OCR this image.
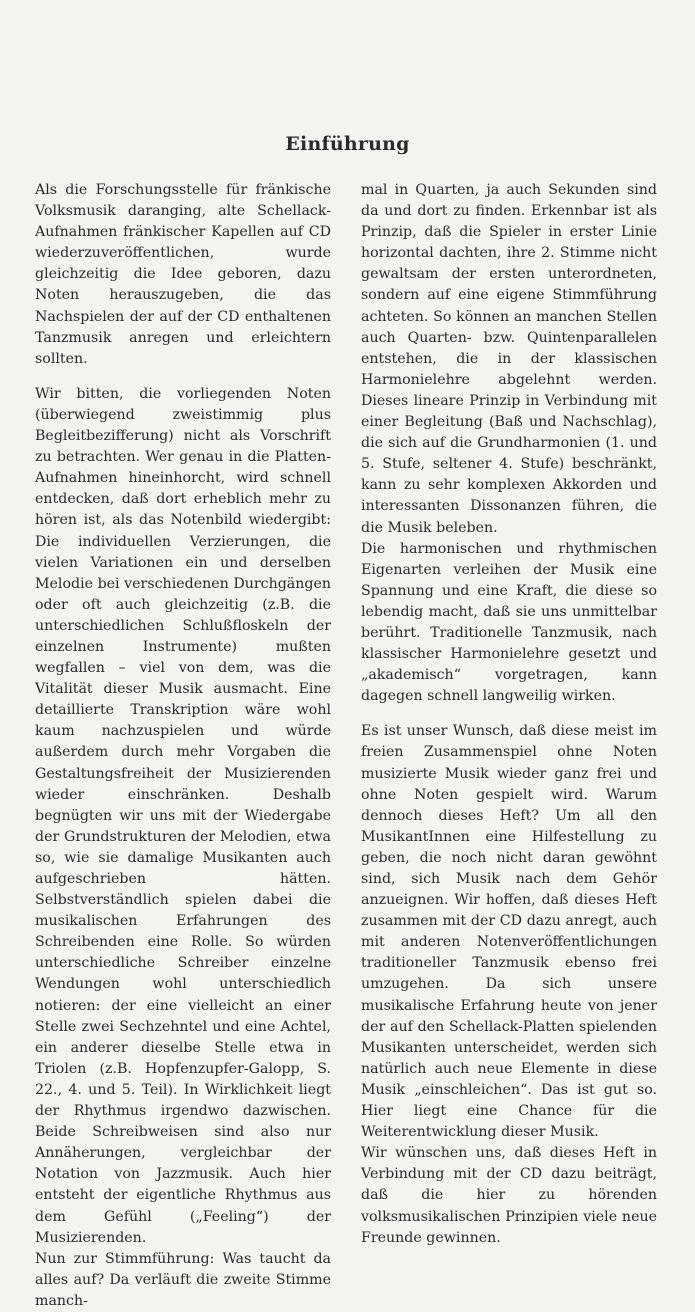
Einführung

Als die Forschungsstelle für fränkische Volksmusik daranging, alte Schellack-Aufnahmen fränkischer Kapellen auf CD wiederzuveröffentlichen, wurde gleichzeitig die Idee geboren, dazu Noten herauszugeben, die das Nachspielen der auf der CD enthaltenen Tanzmusik anregen und erleichtern sollten.

Wir bitten, die vorliegenden Noten (überwiegend zweistimmig plus Begleitbezifferung) nicht als Vorschrift zu betrachten. Wer genau in die Platten-Aufnahmen hineinhorcht, wird schnell entdecken, daß dort erheblich mehr zu hören ist, als das Notenbild wiedergibt: Die individuellen Verzierungen, die vielen Variationen ein und derselben Melodie bei verschiedenen Durchgängen oder oft auch gleichzeitig (z.B. die unterschiedlichen Schlußfloskeln der einzelnen Instrumente) mußten wegfallen – viel von dem, was die Vitalität dieser Musik ausmacht. Eine detaillierte Transkription wäre wohl kaum nachzuspielen und würde außerdem durch mehr Vorgaben die Gestaltungsfreiheit der Musizierenden wieder einschränken. Deshalb begnügten wir uns mit der Wiedergabe der Grundstrukturen der Melodien, etwa so, wie sie damalige Musikanten auch aufgeschrieben hätten. Selbstverständlich spielen dabei die musikalischen Erfahrungen des Schreibenden eine Rolle. So würden unterschiedliche Schreiber einzelne Wendungen wohl unterschiedlich notieren: der eine vielleicht an einer Stelle zwei Sechzehntel und eine Achtel, ein anderer dieselbe Stelle etwa in Triolen (z.B. Hopfenzupfer-Galopp, S. 22., 4. und 5. Teil). In Wirklichkeit liegt der Rhythmus irgendwo dazwischen. Beide Schreibweisen sind also nur Annäherungen, vergleichbar der Notation von Jazzmusik. Auch hier entsteht der eigentliche Rhythmus aus dem Gefühl („Feeling“) der Musizierenden.

Nun zur Stimmführung: Was taucht da alles auf? Da verläuft die zweite Stimme manch-

mal in Quarten, ja auch Sekunden sind da und dort zu finden. Erkennbar ist als Prinzip, daß die Spieler in erster Linie horizontal dachten, ihre 2. Stimme nicht gewaltsam der ersten unterordneten, sondern auf eine eigene Stimmführung achteten. So können an manchen Stellen auch Quarten- bzw. Quintenparallelen entstehen, die in der klassischen Harmonielehre abgelehnt werden. Dieses lineare Prinzip in Verbindung mit einer Begleitung (Baß und Nachschlag), die sich auf die Grundharmonien (1. und 5. Stufe, seltener 4. Stufe) beschränkt, kann zu sehr komplexen Akkorden und interessanten Dissonanzen führen, die die Musik beleben.

Die harmonischen und rhythmischen Eigenarten verleihen der Musik eine Spannung und eine Kraft, die diese so lebendig macht, daß sie uns unmittelbar berührt. Traditionelle Tanzmusik, nach klassischer Harmonielehre gesetzt und „akademisch“ vorgetragen, kann dagegen schnell langweilig wirken.

Es ist unser Wunsch, daß diese meist im freien Zusammenspiel ohne Noten musizierte Musik wieder ganz frei und ohne Noten gespielt wird. Warum dennoch dieses Heft? Um all den MusikantInnen eine Hilfestellung zu geben, die noch nicht daran gewöhnt sind, sich Musik nach dem Gehör anzueignen. Wir hoffen, daß dieses Heft zusammen mit der CD dazu anregt, auch mit anderen Notenveröffentlichungen traditioneller Tanzmusik ebenso frei umzugehen. Da sich unsere musikalische Erfahrung heute von jener der auf den Schellack-Platten spielenden Musikanten unterscheidet, werden sich natürlich auch neue Elemente in diese Musik „einschleichen“. Das ist gut so. Hier liegt eine Chance für die Weiterentwicklung dieser Musik.

Wir wünschen uns, daß dieses Heft in Verbindung mit der CD dazu beiträgt, daß die hier zu hörenden volksmusikalischen Prinzipien viele neue Freunde gewinnen.
